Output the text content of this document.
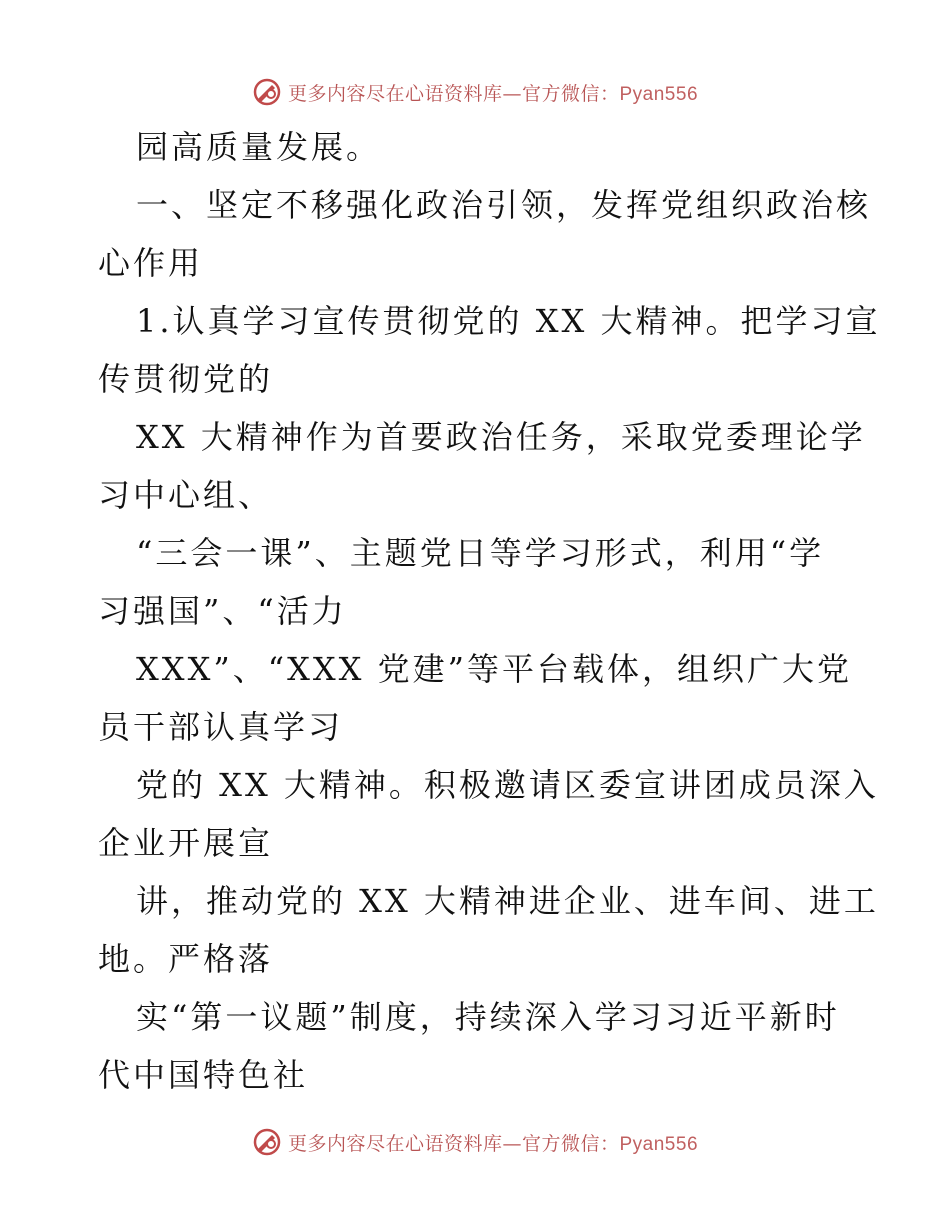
更多内容尽在心语资料库—官方微信：Pyan556
园高质量发展。
一、坚定不移强化政治引领，发挥党组织政治核
心作用
1.认真学习宣传贯彻党的 XX 大精神。把学习宣
传贯彻党的
XX 大精神作为首要政治任务，采取党委理论学
习中心组、
“三会一课”、主题党日等学习形式，利用“学
习强国”、“活力
XXX”、“XXX 党建”等平台载体，组织广大党
员干部认真学习
党的 XX 大精神。积极邀请区委宣讲团成员深入
企业开展宣
讲，推动党的 XX 大精神进企业、进车间、进工
地。严格落
实“第一议题”制度，持续深入学习习近平新时
代中国特色社
更多内容尽在心语资料库—官方微信：Pyan556
